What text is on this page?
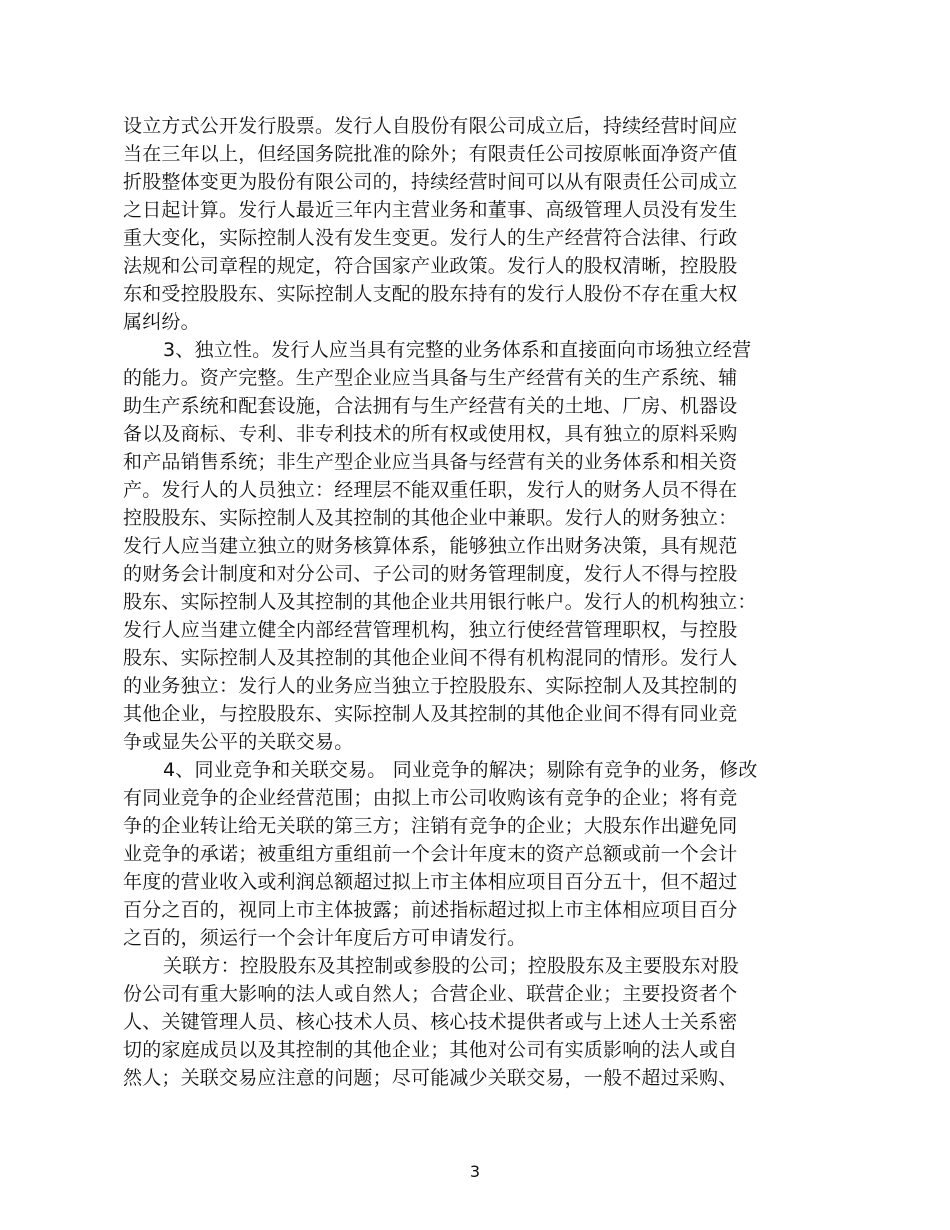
设立方式公开发行股票。发行人自股份有限公司成立后，持续经营时间应
当在三年以上，但经国务院批准的除外；有限责任公司按原帐面净资产值
折股整体变更为股份有限公司的，持续经营时间可以从有限责任公司成立
之日起计算。发行人最近三年内主营业务和董事、高级管理人员没有发生
重大变化，实际控制人没有发生变更。发行人的生产经营符合法律、行政
法规和公司章程的规定，符合国家产业政策。发行人的股权清晰，控股股
东和受控股股东、实际控制人支配的股东持有的发行人股份不存在重大权
属纠纷。
3、独立性。发行人应当具有完整的业务体系和直接面向市场独立经营
的能力。资产完整。生产型企业应当具备与生产经营有关的生产系统、辅
助生产系统和配套设施，合法拥有与生产经营有关的土地、厂房、机器设
备以及商标、专利、非专利技术的所有权或使用权，具有独立的原料采购
和产品销售系统；非生产型企业应当具备与经营有关的业务体系和相关资
产。发行人的人员独立：经理层不能双重任职，发行人的财务人员不得在
控股股东、实际控制人及其控制的其他企业中兼职。发行人的财务独立：
发行人应当建立独立的财务核算体系，能够独立作出财务决策，具有规范
的财务会计制度和对分公司、子公司的财务管理制度，发行人不得与控股
股东、实际控制人及其控制的其他企业共用银行帐户。发行人的机构独立：
发行人应当建立健全内部经营管理机构，独立行使经营管理职权，与控股
股东、实际控制人及其控制的其他企业间不得有机构混同的情形。发行人
的业务独立：发行人的业务应当独立于控股股东、实际控制人及其控制的
其他企业，与控股股东、实际控制人及其控制的其他企业间不得有同业竞
争或显失公平的关联交易。
4、同业竞争和关联交易。 同业竞争的解决；剔除有竞争的业务，修改
有同业竞争的企业经营范围；由拟上市公司收购该有竞争的企业；将有竞
争的企业转让给无关联的第三方；注销有竞争的企业；大股东作出避免同
业竞争的承诺；被重组方重组前一个会计年度末的资产总额或前一个会计
年度的营业收入或利润总额超过拟上市主体相应项目百分五十，但不超过
百分之百的，视同上市主体披露；前述指标超过拟上市主体相应项目百分
之百的，须运行一个会计年度后方可申请发行。
关联方：控股股东及其控制或参股的公司；控股股东及主要股东对股
份公司有重大影响的法人或自然人；合营企业、联营企业；主要投资者个
人、关键管理人员、核心技术人员、核心技术提供者或与上述人士关系密
切的家庭成员以及其控制的其他企业；其他对公司有实质影响的法人或自
然人；关联交易应注意的问题；尽可能减少关联交易，一般不超过采购、
3
